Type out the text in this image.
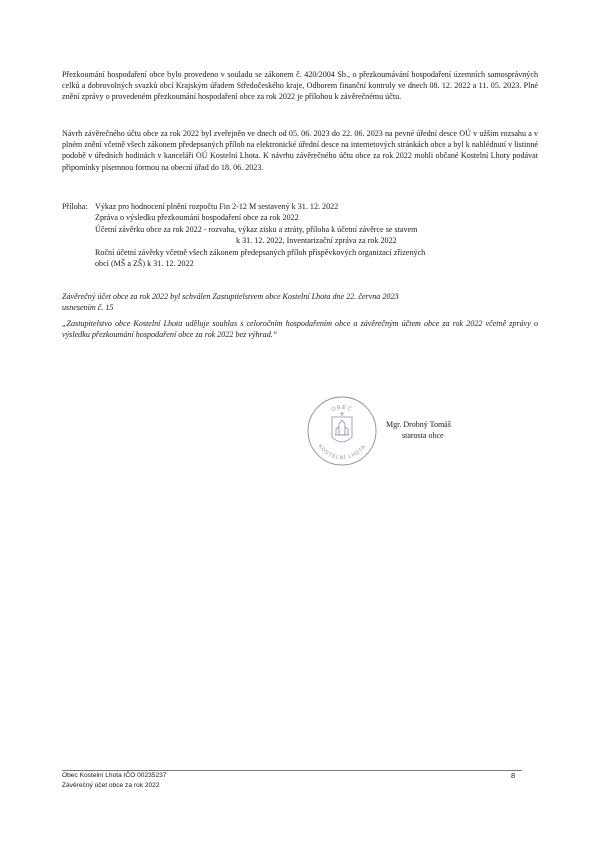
Přezkoumání hospodaření obce bylo provedeno v souladu se zákonem č. 420/2004 Sb., o přezkoumávání hospodaření územních samosprávných celků a dobrovolných svazků obcí Krajským úřadem Středočeského kraje, Odborem finanční kontroly ve dnech 08. 12. 2022 a 11. 05. 2023. Plné znění zprávy o provedeném přezkoumání hospodaření obce za rok 2022 je přílohou k závěrečnému účtu.
Návrh závěrečného účtu obce za rok 2022 byl zveřejněn ve dnech od 05. 06. 2023 do 22. 06. 2023 na pevné úřední desce OÚ v užším rozsahu a v plném znění včetně všech zákonem předepsaných příloh na elektronické úřední desce na internetových stránkách obce a byl k nahlédnutí v listinné podobě v úředních hodinách v kanceláři OÚ Kostelní Lhota. K návrhu závěrečného účtu obce za rok 2022 mohli občané Kostelní Lhoty podávat připomínky písemnou formou na obecní úřad do 18. 06. 2023.
Příloha: Výkaz pro hodnocení plnění rozpočtu Fin 2-12 M sestavený k 31. 12. 2022
Zpráva o výsledku přezkoumání hospodaření obce za rok 2022
Účetní závěrku obce za rok 2022 - rozvaha, výkaz zisku a ztráty, příloha k účetní závěrce se stavem
k 31. 12. 2022, Inventarizační zpráva za rok 2022
Roční účetní závěrky včetně všech zákonem předepsaných příloh příspěvkových organizací zřízených
obcí (MŠ a ZŠ) k 31. 12. 2022
Závěrečný účet obce za rok 2022 byl schválen Zastupitelstvem obce Kostelní Lhota dne 22. června 2023
usnesením č. 15
„Zastupitelstvo obce Kostelní Lhota uděluje souhlas s celoročním hospodařením obce a závěrečným účtem obce za rok 2022 včetně zprávy o výsledku přezkoumání hospodaření obce za rok 2022 bez výhrad.“
OBEC
KOSTELNÍ LHOTA
Mgr. Drobný Tomáš
starosta obce
Obec Kostelní Lhota IČO 00235237
Závěrečný účet obce za rok 2022
8
